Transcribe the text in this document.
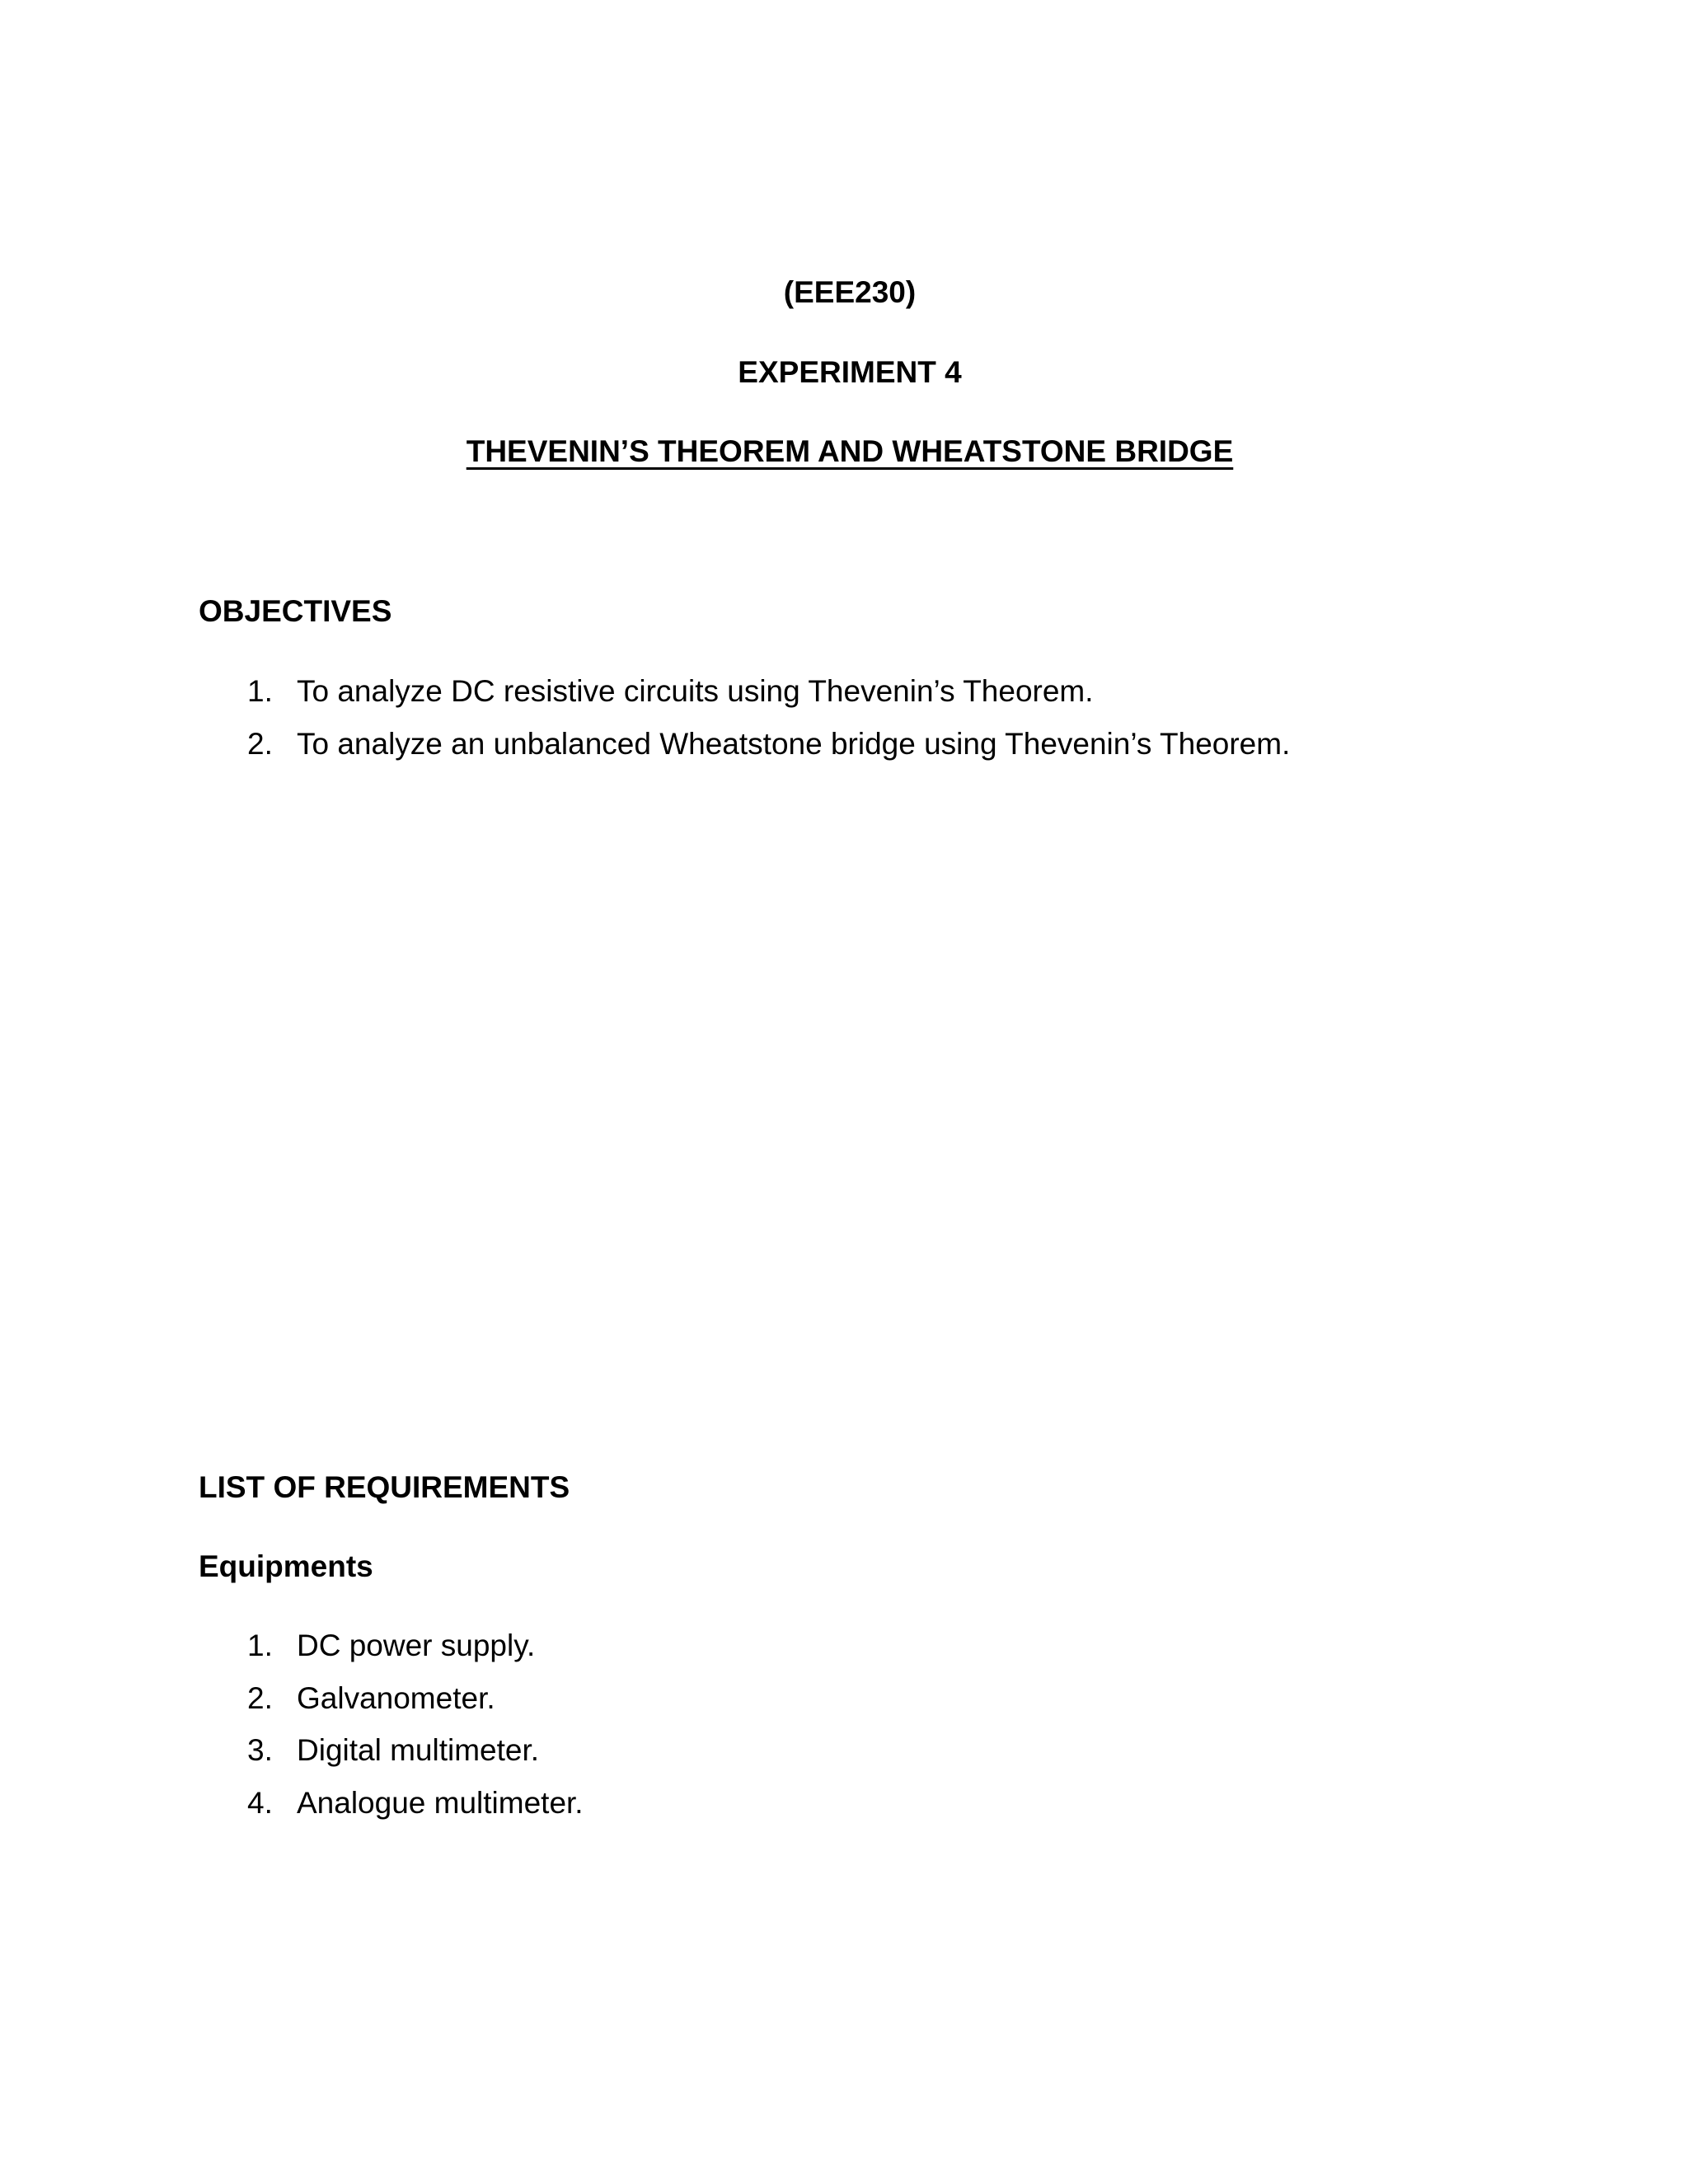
(EEE230)
EXPERIMENT 4
THEVENIN’S THEOREM AND WHEATSTONE BRIDGE
OBJECTIVES
1. To analyze DC resistive circuits using Thevenin’s Theorem.
2. To analyze an unbalanced Wheatstone bridge using Thevenin’s Theorem.
LIST OF REQUIREMENTS
Equipments
1. DC power supply.
2. Galvanometer.
3. Digital multimeter.
4. Analogue multimeter.
